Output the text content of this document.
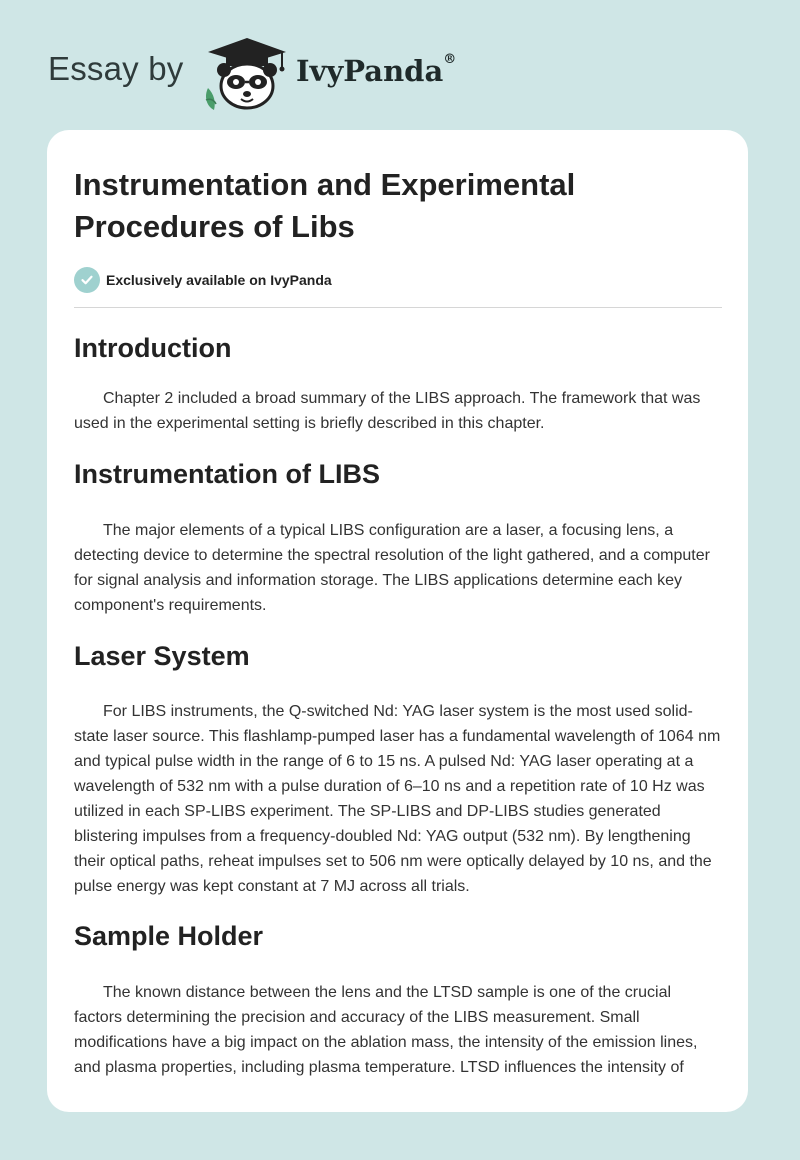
Essay by	IvyPanda®
Instrumentation and Experimental Procedures of Libs
Exclusively available on IvyPanda
Introduction

Chapter 2 included a broad summary of the LIBS approach. The framework that was used in the experimental setting is briefly described in this chapter.

Instrumentation of LIBS

The major elements of a typical LIBS configuration are a laser, a focusing lens, a detecting device to determine the spectral resolution of the light gathered, and a computer for signal analysis and information storage. The LIBS applications determine each key component's requirements.

Laser System

For LIBS instruments, the Q-switched Nd: YAG laser system is the most used solid-state laser source. This flashlamp-pumped laser has a fundamental wavelength of 1064 nm and typical pulse width in the range of 6 to 15 ns. A pulsed Nd: YAG laser operating at a wavelength of 532 nm with a pulse duration of 6–10 ns and a repetition rate of 10 Hz was utilized in each SP-LIBS experiment. The SP-LIBS and DP-LIBS studies generated blistering impulses from a frequency-doubled Nd: YAG output (532 nm). By lengthening their optical paths, reheat impulses set to 506 nm were optically delayed by 10 ns, and the pulse energy was kept constant at 7 MJ across all trials.

Sample Holder

The known distance between the lens and the LTSD sample is one of the crucial factors determining the precision and accuracy of the LIBS measurement. Small modifications have a big impact on the ablation mass, the intensity of the emission lines, and plasma properties, including plasma temperature. LTSD influences the intensity of
